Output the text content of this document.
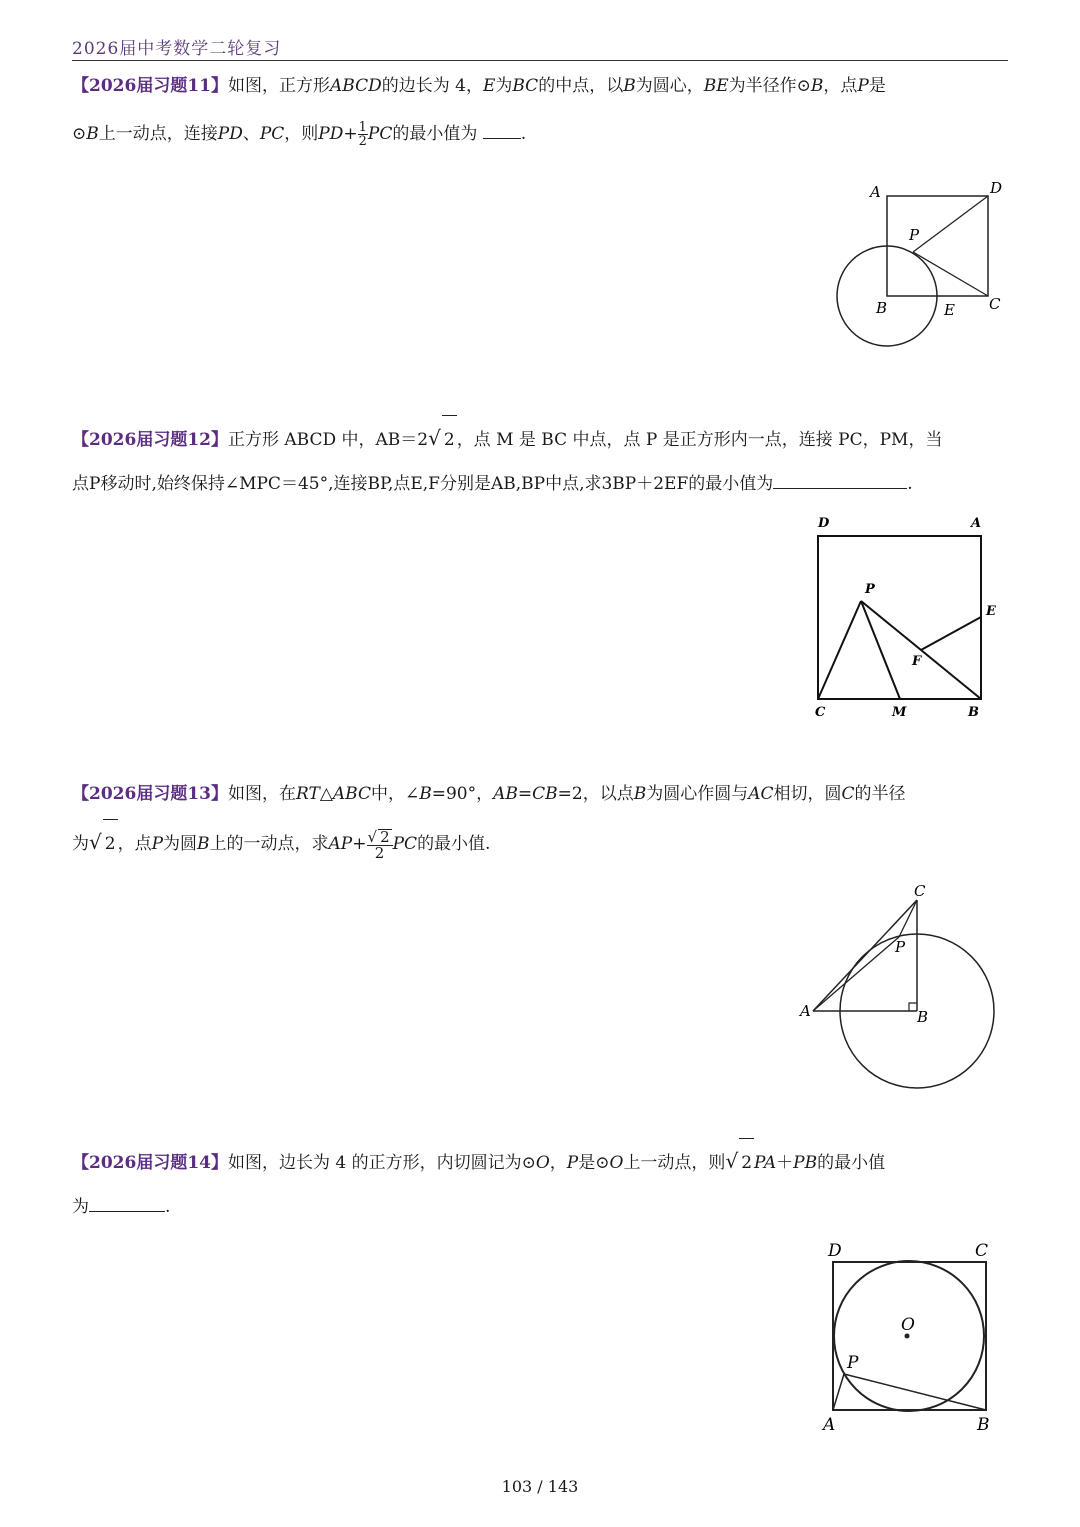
2026届中考数学二轮复习
【2026届习题11】如图，正方形ABCD的边长为 4，E为BC的中点，以B为圆心，BE为半径作⊙B，点P是
⊙B上一动点，连接PD、PC，则$PD+ \frac{1}{2}$ PC的最小值为	.
A	D
P
B	E C
【2026届习题12】正方形 ABCD 中，AB＝2√ 2 ，点 M 是 BC 中点，点 P 是正方形内一点，连接 PC，PM，当
点P移动时,始终保持∠MPC＝45°,连接BP,点E,F分别是AB,BP中点,求3BP＋2EF的最小值为	.
D	A
P
E
F
C	M	B
【2026届习题13】如图，在RT△ABC中，∠B=90°，AB=CB=2，以点B为圆心作圆与AC相切，圆C的半径
为√ 2 ，点P为圆B上的一动点，求$AP+ \frac{√ 2}{2}$ PC的最小值.
C
P
A	B
【2026届习题14】如图，边长为 4 的正方形，内切圆记为⊙O，P是⊙O上一动点，则√ 2 PA＋PB的最小值
为	.
D	C
O
P
A	B
103 / 143
